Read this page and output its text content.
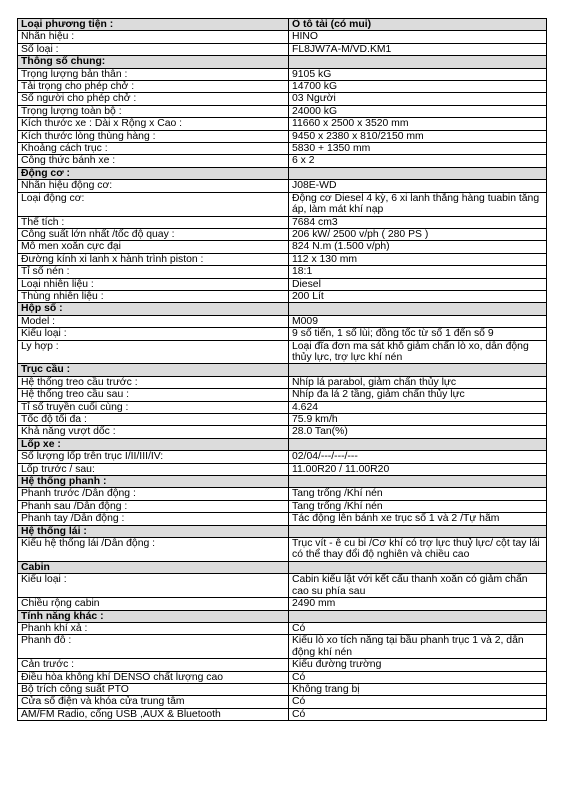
Loại phương tiện :	Ô tô tải (có mui)
Nhãn hiệu :	HINO
Số loại :	FL8JW7A-M/VD.KM1
Thông số chung:	
Trọng lượng bản thân :	9105 kG
Tải trọng cho phép chở :	14700 kG
Số người cho phép chở :	03 Người
Trọng lượng toàn bộ :	24000 kG
Kích thước xe : Dài x Rộng x Cao :	11660 x 2500 x 3520 mm
Kích thước lòng thùng hàng :	9450 x 2380 x 810/2150 mm
Khoảng cách trục :	5830 + 1350 mm
Công thức bánh xe :	6 x 2
Động cơ :	
Nhãn hiệu động cơ:	J08E-WD
Loại động cơ:	Động cơ Diesel 4 kỳ, 6 xi lanh thẳng hàng tuabin tăng áp, làm mát khí nạp
Thể tích :	7684 cm3
Công suất lớn nhất /tốc độ quay :	206 kW/ 2500 v/ph ( 280 PS )
Mô men xoắn cực đại	824 N.m (1.500 v/ph)
Đường kính xi lanh x hành trình piston :	112 x 130 mm
Tỉ số nén :	18:1
Loại nhiên liệu :	Diesel
Thùng nhiên liệu :	200 Lít
Hộp số :	
Model :	M009
Kiểu loại :	9 số tiến, 1 số lùi; đồng tốc từ số 1 đến số 9
Ly hợp :	Loại đĩa đơn ma sát khô giảm chấn lò xo, dẫn động thủy lực, trợ lực khí nén
Trục cầu :	
Hệ thống treo cầu trước :	Nhíp lá parabol, giảm chấn thủy lực
Hệ thống treo cầu sau :	Nhíp đa lá 2 tầng, giảm chấn thủy lực
Tỉ số truyền cuối cùng :	4.624
Tốc độ tối đa :	75.9 km/h
Khả năng vượt dốc :	28.0 Tan(%)
Lốp xe :	
Số lượng lốp trên trục I/II/III/IV:	02/04/---/---/---
Lốp trước / sau:	11.00R20 / 11.00R20
Hệ thống phanh :	
Phanh trước /Dẫn động :	Tang trống /Khí nén
Phanh sau /Dẫn động :	Tang trống /Khí nén
Phanh tay /Dẫn động :	Tác động lên bánh xe trục số 1 và 2 /Tự hãm
Hệ thống lái :	
Kiểu hệ thống lái /Dẫn động :	Trục vít - ê cu bi /Cơ khí có trợ lực thuỷ lực/ cột tay lái có thể thay đổi độ nghiên và chiều cao
Cabin	
Kiểu loại :	Cabin kiểu lật với kết cấu thanh xoắn có giảm chấn cao su phía sau
Chiều rộng cabin	2490 mm
Tính năng khác :	
Phanh khí xả :	Có
Phanh đỗ :	Kiểu lò xo tích năng tại bầu phanh trục 1 và 2, dẫn động khí nén
Cản trước :	Kiểu đường trường
Điều hòa không khí DENSO chất lượng cao	Có
Bộ trích công suất PTO	Không trang bị
Cửa số điện và khóa cửa trung tâm	Có
AM/FM Radio, cổng USB ,AUX & Bluetooth	Có
